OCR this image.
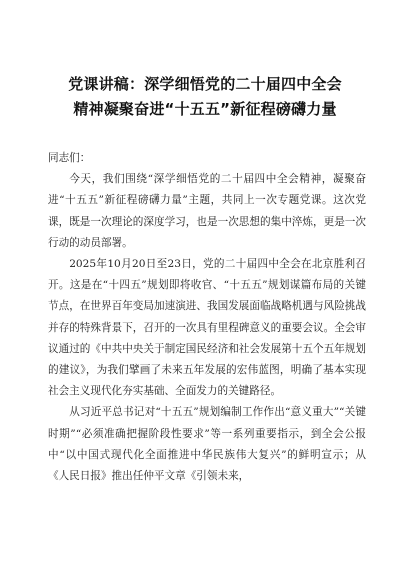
党课讲稿：深学细悟党的二十届四中全会
精神凝聚奋进“十五五”新征程磅礴力量

同志们：

今天，我们围绕“深学细悟党的二十届四中全会精神，凝聚奋进“十五五”新征程磅礴力量”主题，共同上一次专题党课。这次党课，既是一次理论的深度学习，也是一次思想的集中淬炼，更是一次行动的动员部署。

2025年10月20日至23日，党的二十届四中全会在北京胜利召开。这是在“十四五”规划即将收官、“十五五”规划谋篇布局的关键节点，在世界百年变局加速演进、我国发展面临战略机遇与风险挑战并存的特殊背景下，召开的一次具有里程碑意义的重要会议。全会审议通过的《中共中央关于制定国民经济和社会发展第十五个五年规划的建议》，为我们擘画了未来五年发展的宏伟蓝图，明确了基本实现社会主义现代化夯实基础、全面发力的关键路径。

从习近平总书记对“十五五”规划编制工作作出“意义重大”“关键时期”“必须准确把握阶段性要求”等一系列重要指示，到全会公报中“以中国式现代化全面推进中华民族伟大复兴”的鲜明宣示；从《人民日报》推出任仲平文章《引领未来，
